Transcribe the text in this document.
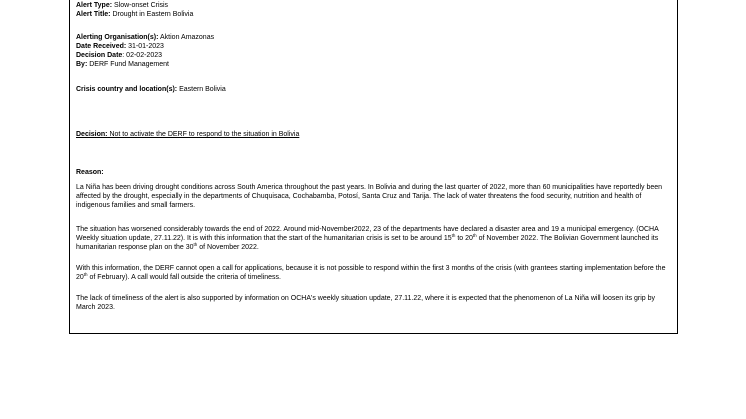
Alert Type: Slow-onset Crisis
Alert Title: Drought in Eastern Bolivia
Alerting Organisation(s): Aktion Amazonas
Date Received: 31-01-2023
Decision Date: 02-02-2023
By: DERF Fund Management
Crisis country and location(s): Eastern Bolivia
Decision: Not to activate the DERF to respond to the situation in Bolivia
Reason:
La Niña has been driving drought conditions across South America throughout the past years. In Bolivia and during the last quarter of 2022, more than 60 municipalities have reportedly been affected by the drought, especially in the departments of Chuquisaca, Cochabamba, Potosí, Santa Cruz and Tarija. The lack of water threatens the food security, nutrition and health of indigenous families and small farmers.
The situation has worsened considerably towards the end of 2022. Around mid-November2022, 23 of the departments have declared a disaster area and 19 a municipal emergency. (OCHA Weekly situation update, 27.11.22). It is with this information that the start of the humanitarian crisis is set to be around 15th to 20th of November 2022. The Bolivian Government launched its humanitarian response plan on the 30th of November 2022.
With this information, the DERF cannot open a call for applications, because it is not possible to respond within the first 3 months of the crisis (with grantees starting implementation before the 20th of February). A call would fall outside the criteria of timeliness.
The lack of timeliness of the alert is also supported by information on OCHA's weekly situation update, 27.11.22, where it is expected that the phenomenon of La Niña will loosen its grip by March 2023.
